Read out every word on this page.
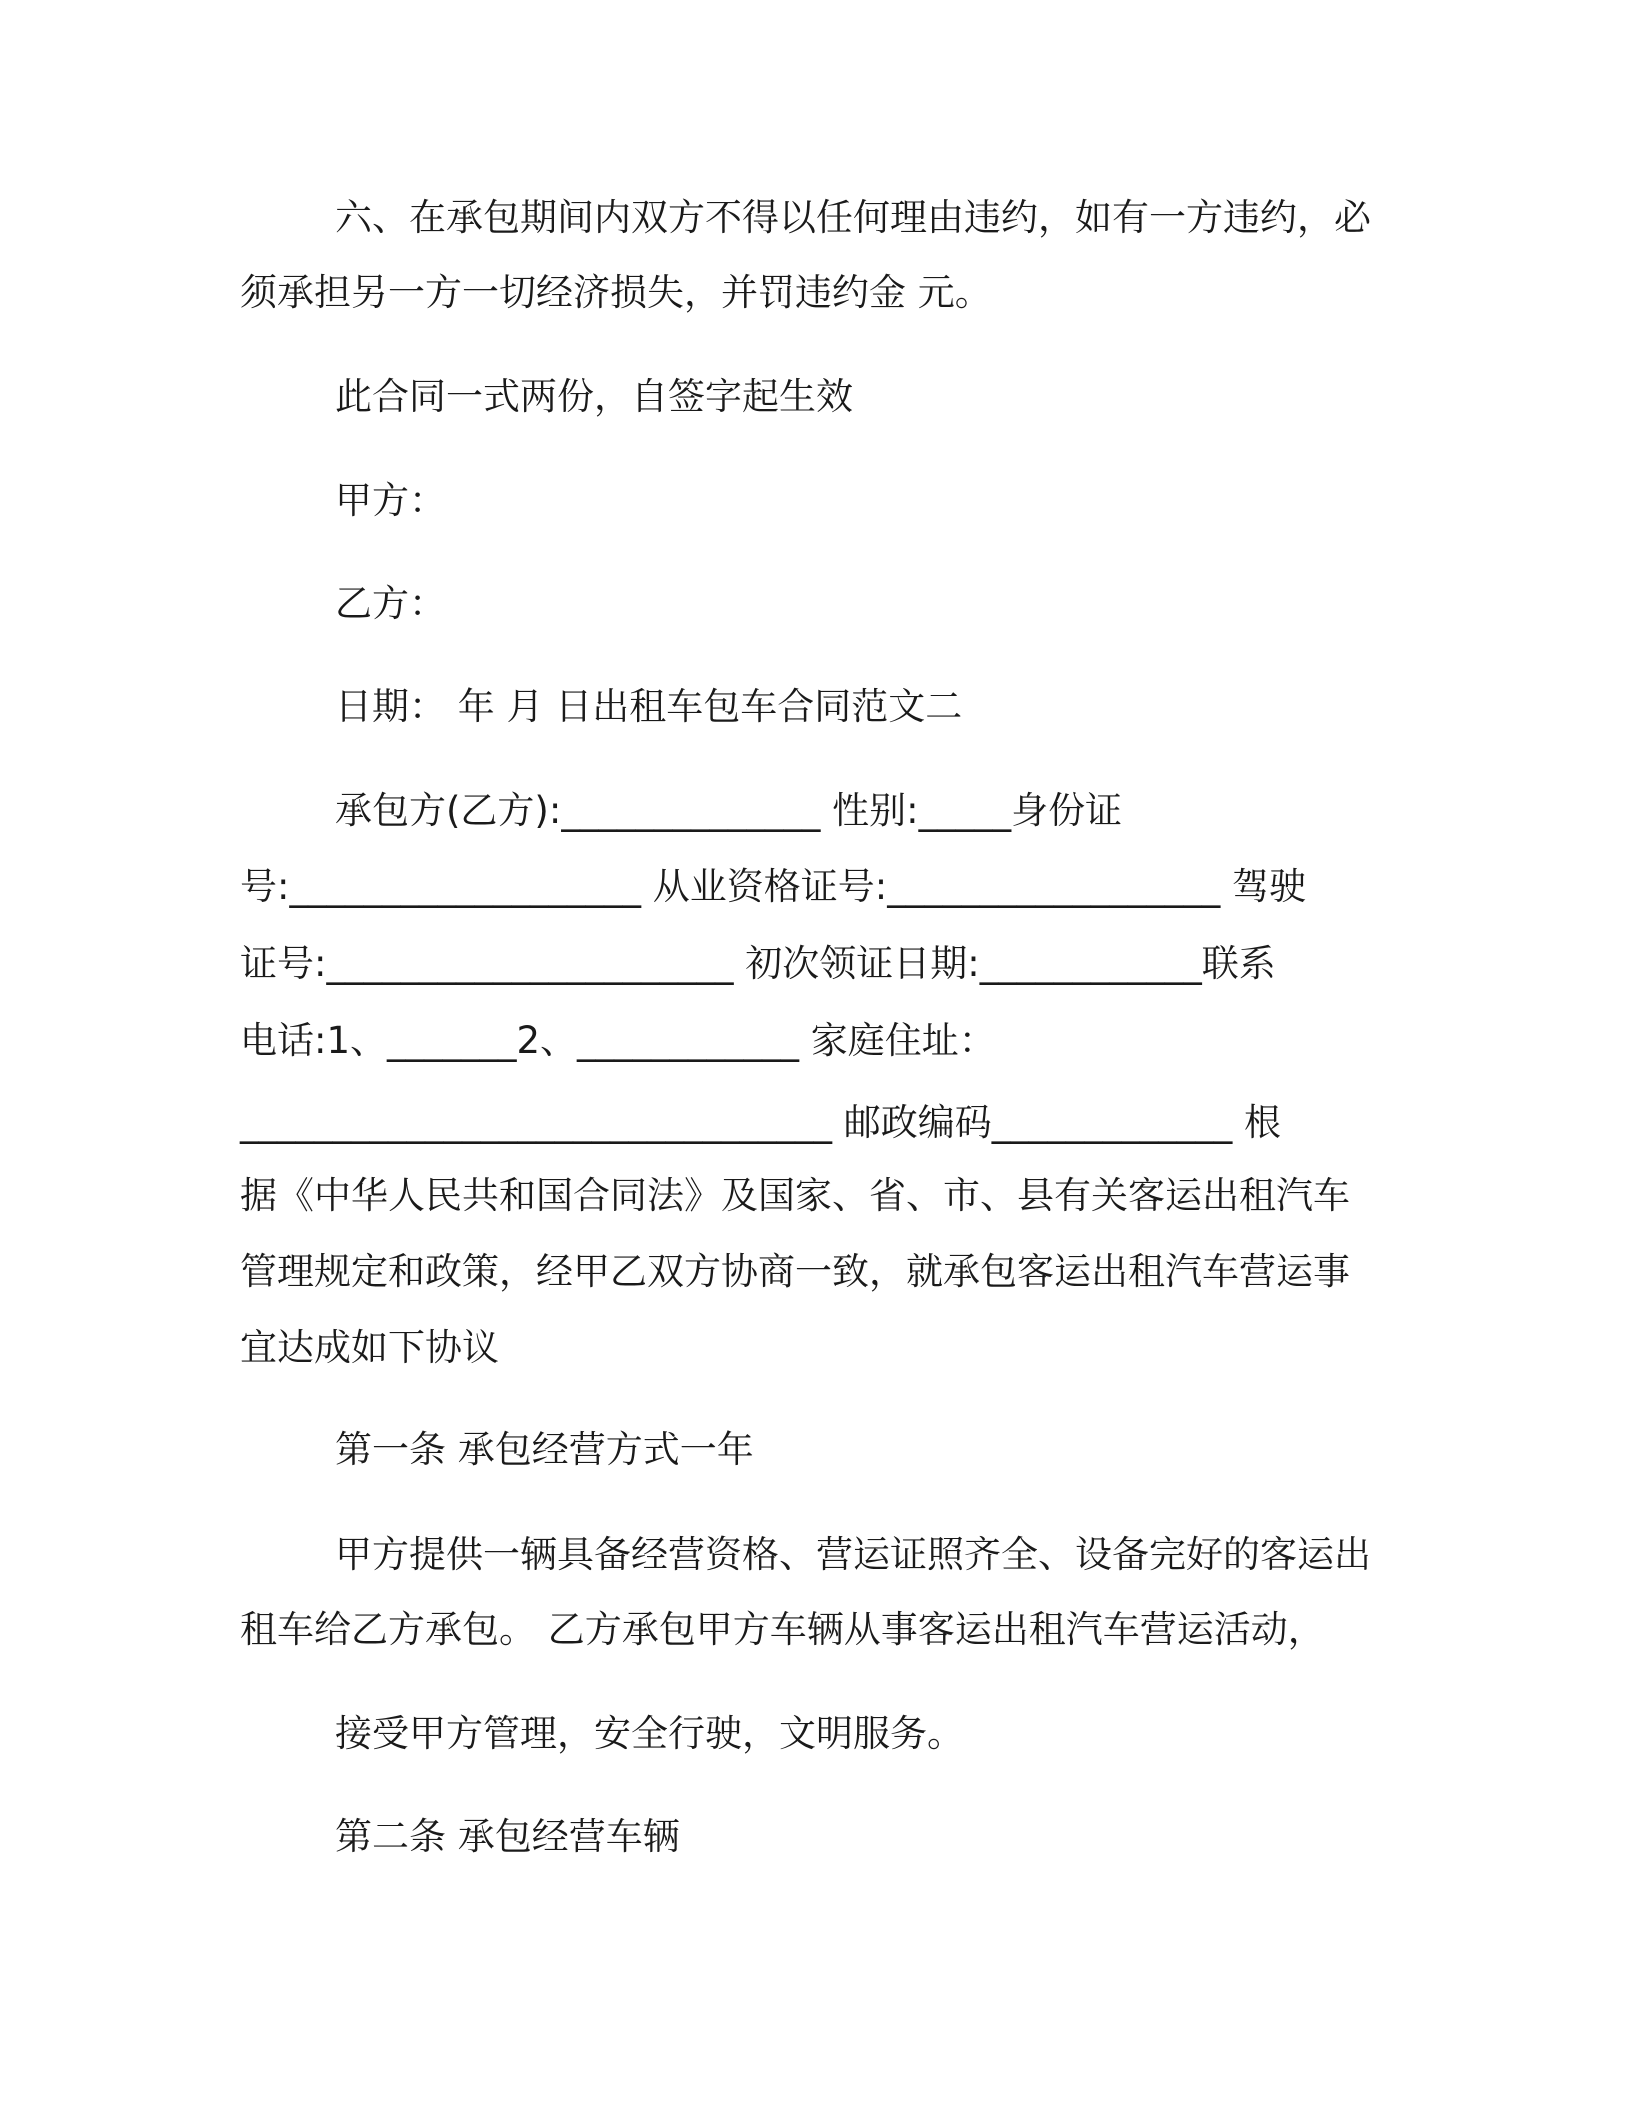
六、在承包期间内双方不得以任何理由违约，如有一方违约，必
须承担另一方一切经济损失，并罚违约金 元。
此合同一式两份，自签字起生效
甲方：
乙方：
日期： 年 月 日出租车包车合同范文二
承包方(乙方):______________ 性别:_____身份证
号:___________________ 从业资格证号:__________________ 驾驶
证号:______________________ 初次领证日期:____________联系
电话:1、_______2、____________ 家庭住址：
________________________________ 邮政编码_____________ 根
据《中华人民共和国合同法》及国家、省、市、县有关客运出租汽车
管理规定和政策，经甲乙双方协商一致，就承包客运出租汽车营运事
宜达成如下协议
第一条 承包经营方式一年
甲方提供一辆具备经营资格、营运证照齐全、设备完好的客运出
租车给乙方承包。 乙方承包甲方车辆从事客运出租汽车营运活动，
接受甲方管理，安全行驶，文明服务。
第二条 承包经营车辆
